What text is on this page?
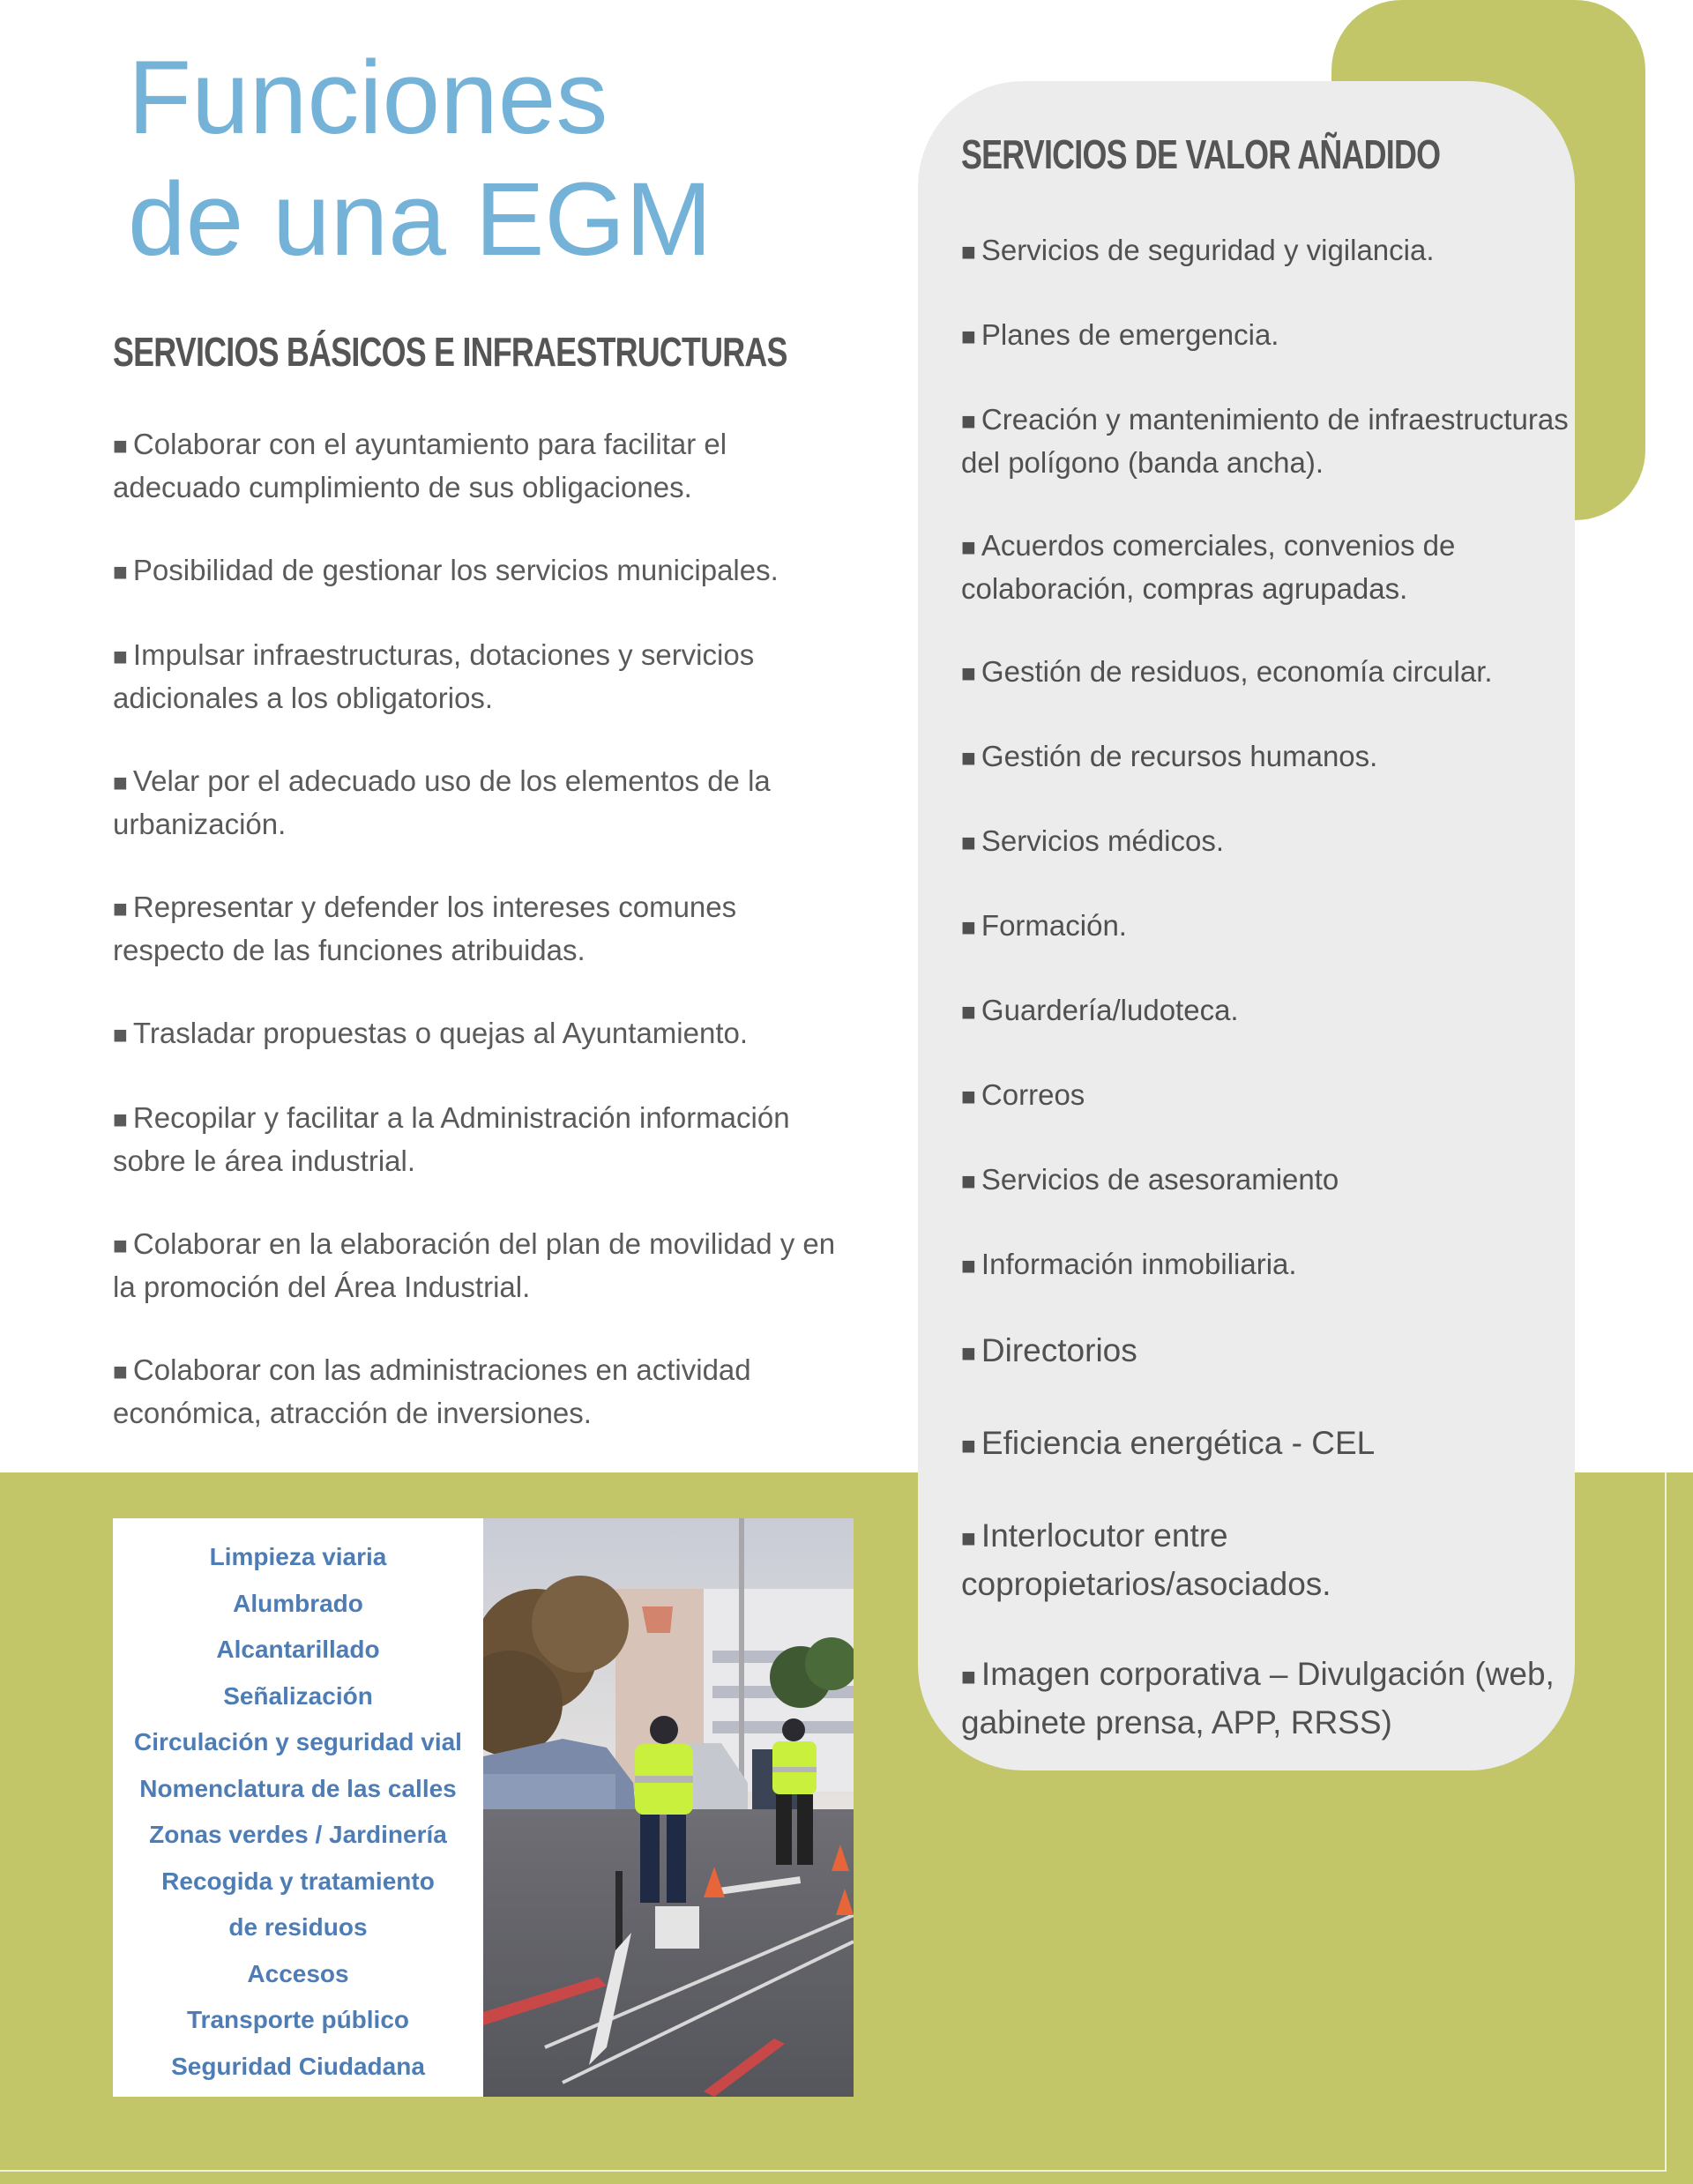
Funciones
de una EGM
SERVICIOS BÁSICOS E INFRAESTRUCTURAS
■ Colaborar con el ayuntamiento para facilitar el adecuado cumplimiento de sus obligaciones.
■ Posibilidad de gestionar los servicios municipales.
■ Impulsar infraestructuras, dotaciones y servicios adicionales a los obligatorios.
■ Velar por el adecuado uso de los elementos de la urbanización.
■ Representar y defender los intereses comunes respecto de las funciones atribuidas.
■ Trasladar propuestas o quejas al Ayuntamiento.
■ Recopilar y facilitar a la Administración información sobre le área industrial.
■ Colaborar en la elaboración del plan de movilidad y en la promoción del Área Industrial.
■ Colaborar con las administraciones en actividad económica, atracción de inversiones.
SERVICIOS DE VALOR AÑADIDO
■ Servicios de seguridad y vigilancia.
■ Planes de emergencia.
■ Creación y mantenimiento de infraestructuras del polígono (banda ancha).
■ Acuerdos comerciales, convenios de colaboración, compras agrupadas.
■ Gestión de residuos, economía circular.
■ Gestión de recursos humanos.
■ Servicios médicos.
■ Formación.
■ Guardería/ludoteca.
■ Correos
■ Servicios de asesoramiento
■ Información inmobiliaria.
■ Directorios
■ Eficiencia energética - CEL
■ Interlocutor entre copropietarios/asociados.
■ Imagen corporativa – Divulgación (web, gabinete prensa, APP, RRSS)
Limpieza viaria
Alumbrado
Alcantarillado
Señalización
Circulación y seguridad vial
Nomenclatura de las calles
Zonas verdes / Jardinería
Recogida y tratamiento
de residuos
Accesos
Transporte público
Seguridad Ciudadana
